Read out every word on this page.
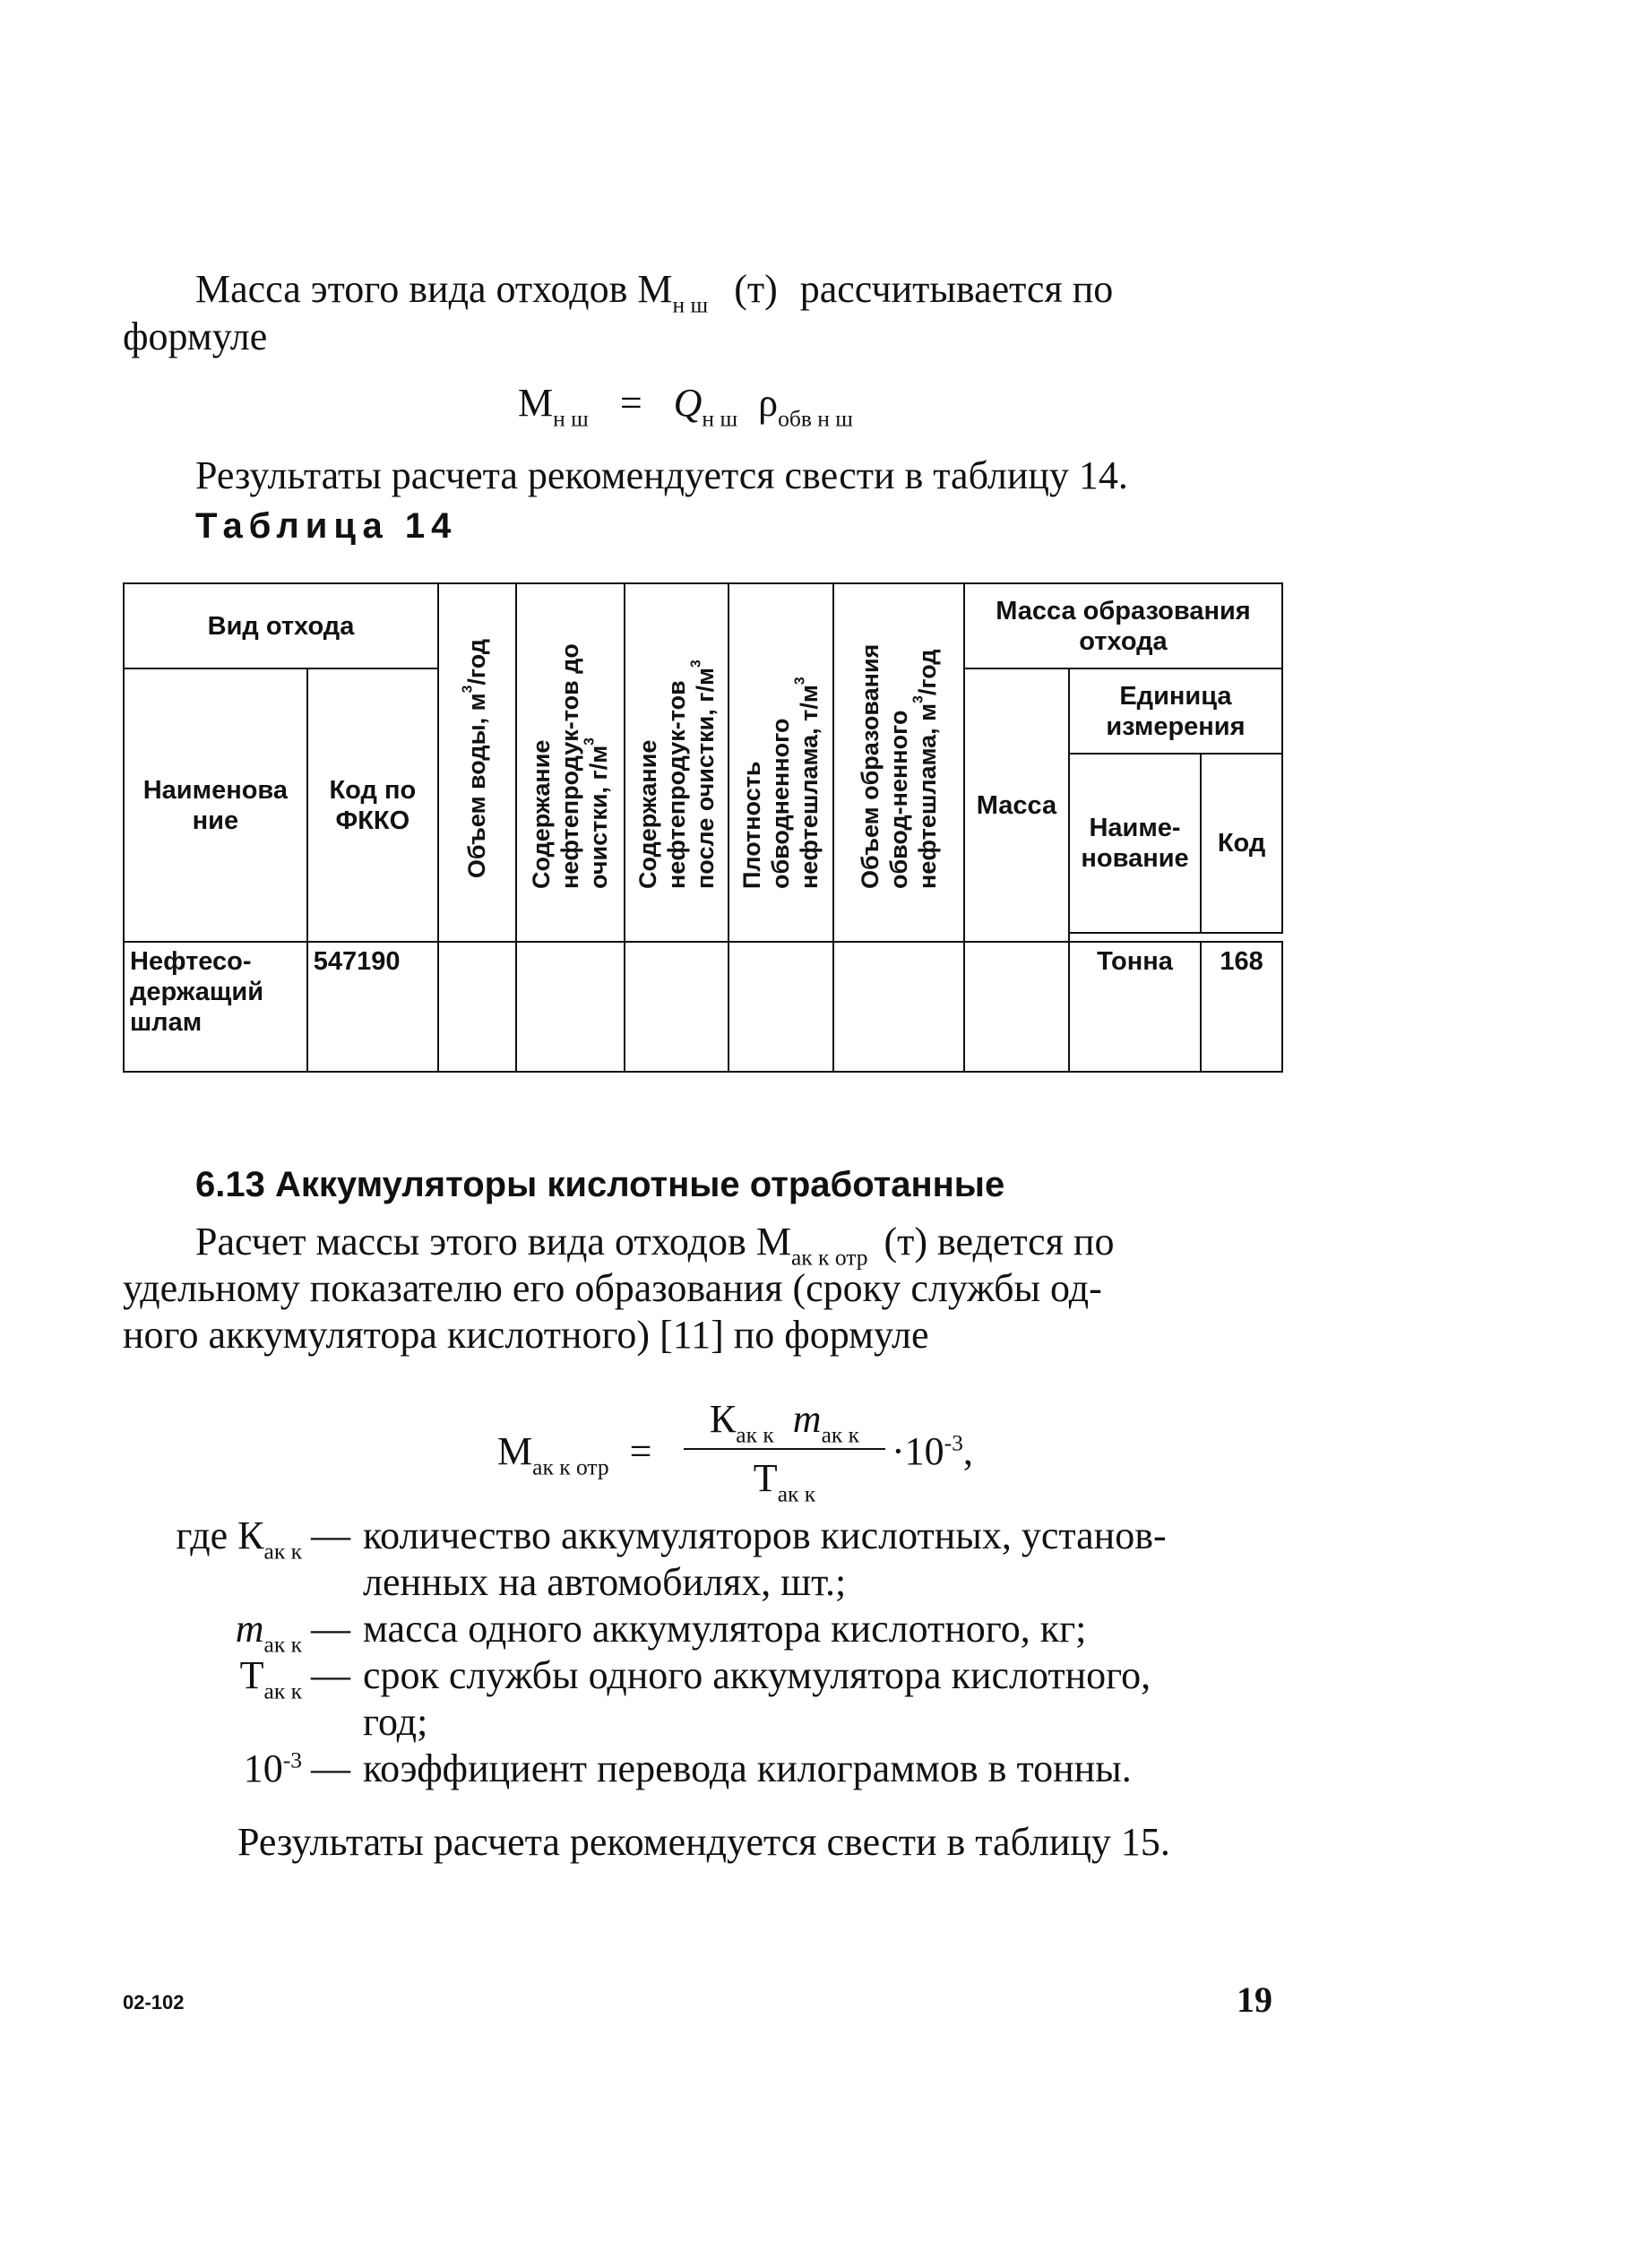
Масса этого вида отходов $М_{н ш}$ (т) рассчитывается по
формуле
$М_{н ш} = Q_{н ш}$ $\rho_{обв н ш}$
Результаты расчета рекомендуется свести в таблицу 14.
Таблица 14
Вид отхода		Объем воды, $м^3$/год	Содержание нефтепродук-тов до очистки, $г/м^3$	Содержание нефтепродук-тов после очистки, $г/м^3$	Плотность обводненного нефтешлама, $т/м^3$	Объем образования обвод-ненного нефтешлама, $м^3$/год	Масса образования отхода		
Наименова ние	Код по ФККО						Масса	Единица измерения	
								Наиме-нование	Код

Нефтесо-держащий шлам	547190							Тонна	168
6.13 Аккумуляторы кислотные отработанные
Расчет массы этого вида отходов $М_{ак к отр}$ (т) ведется по
удельному показателю его образования (сроку службы од-
ного аккумулятора кислотного) [11] по формуле
$М_{ак к отр}$ =
$К_{ак к}$ $m_{ак к}$
$Т_{ак к}$
$\cdot 10^{-3}$,
где $К_{ак к}$ — количество аккумуляторов кислотных, установ-
ленных на автомобилях, шт.;
$m_{ак к}$ — масса одного аккумулятора кислотного, кг;
$Т_{ак к}$ — срок службы одного аккумулятора кислотного,
год;
$10^{-3}$ — коэффициент перевода килограммов в тонны.
Результаты расчета рекомендуется свести в таблицу 15.
02-102	19
